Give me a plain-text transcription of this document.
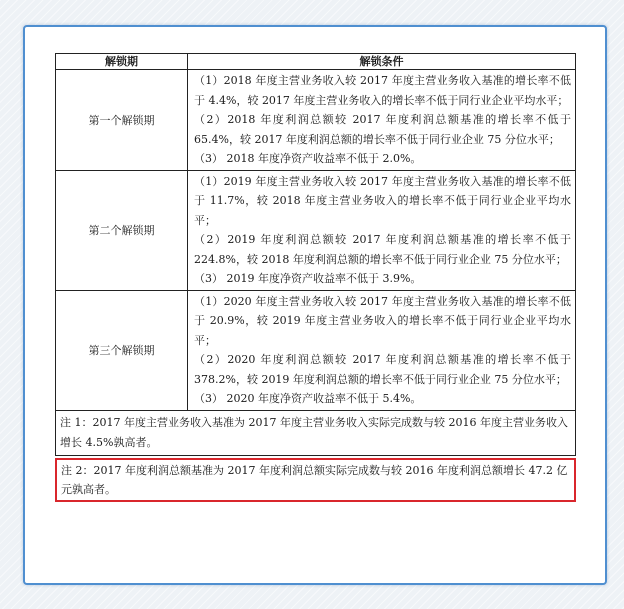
解锁期	解锁条件
第一个解锁期	（1）2018 年度主营业务收入较 2017 年度主营业务收入基准的增长率不低于 4.4%，较 2017 年度主营业务收入的增长率不低于同行业企业平均水平；
（2）2018 年度利润总额较 2017 年度利润总额基准的增长率不低于 65.4%，较 2017 年度利润总额的增长率不低于同行业企业 75 分位水平；
（3） 2018 年度净资产收益率不低于 2.0%。

第二个解锁期	（1）2019 年度主营业务收入较 2017 年度主营业务收入基准的增长率不低于 11.7%，较 2018 年度主营业务收入的增长率不低于同行业企业平均水平；
（2）2019 年度利润总额较 2017 年度利润总额基准的增长率不低于 224.8%，较 2018 年度利润总额的增长率不低于同行业企业 75 分位水平；
（3） 2019 年度净资产收益率不低于 3.9%。

第三个解锁期	（1）2020 年度主营业务收入较 2017 年度主营业务收入基准的增长率不低于 20.9%，较 2019 年度主营业务收入的增长率不低于同行业企业平均水平；
（2）2020 年度利润总额较 2017 年度利润总额基准的增长率不低于 378.2%，较 2019 年度利润总额的增长率不低于同行业企业 75 分位水平；
（3） 2020 年度净资产收益率不低于 5.4%。
注 1：2017 年度主营业务收入基准为 2017 年度主营业务收入实际完成数与较 2016 年度主营业务收入增长 4.5%孰高者。
注 2：2017 年度利润总额基准为 2017 年度利润总额实际完成数与较 2016 年度利润总额增长 47.2 亿元孰高者。
